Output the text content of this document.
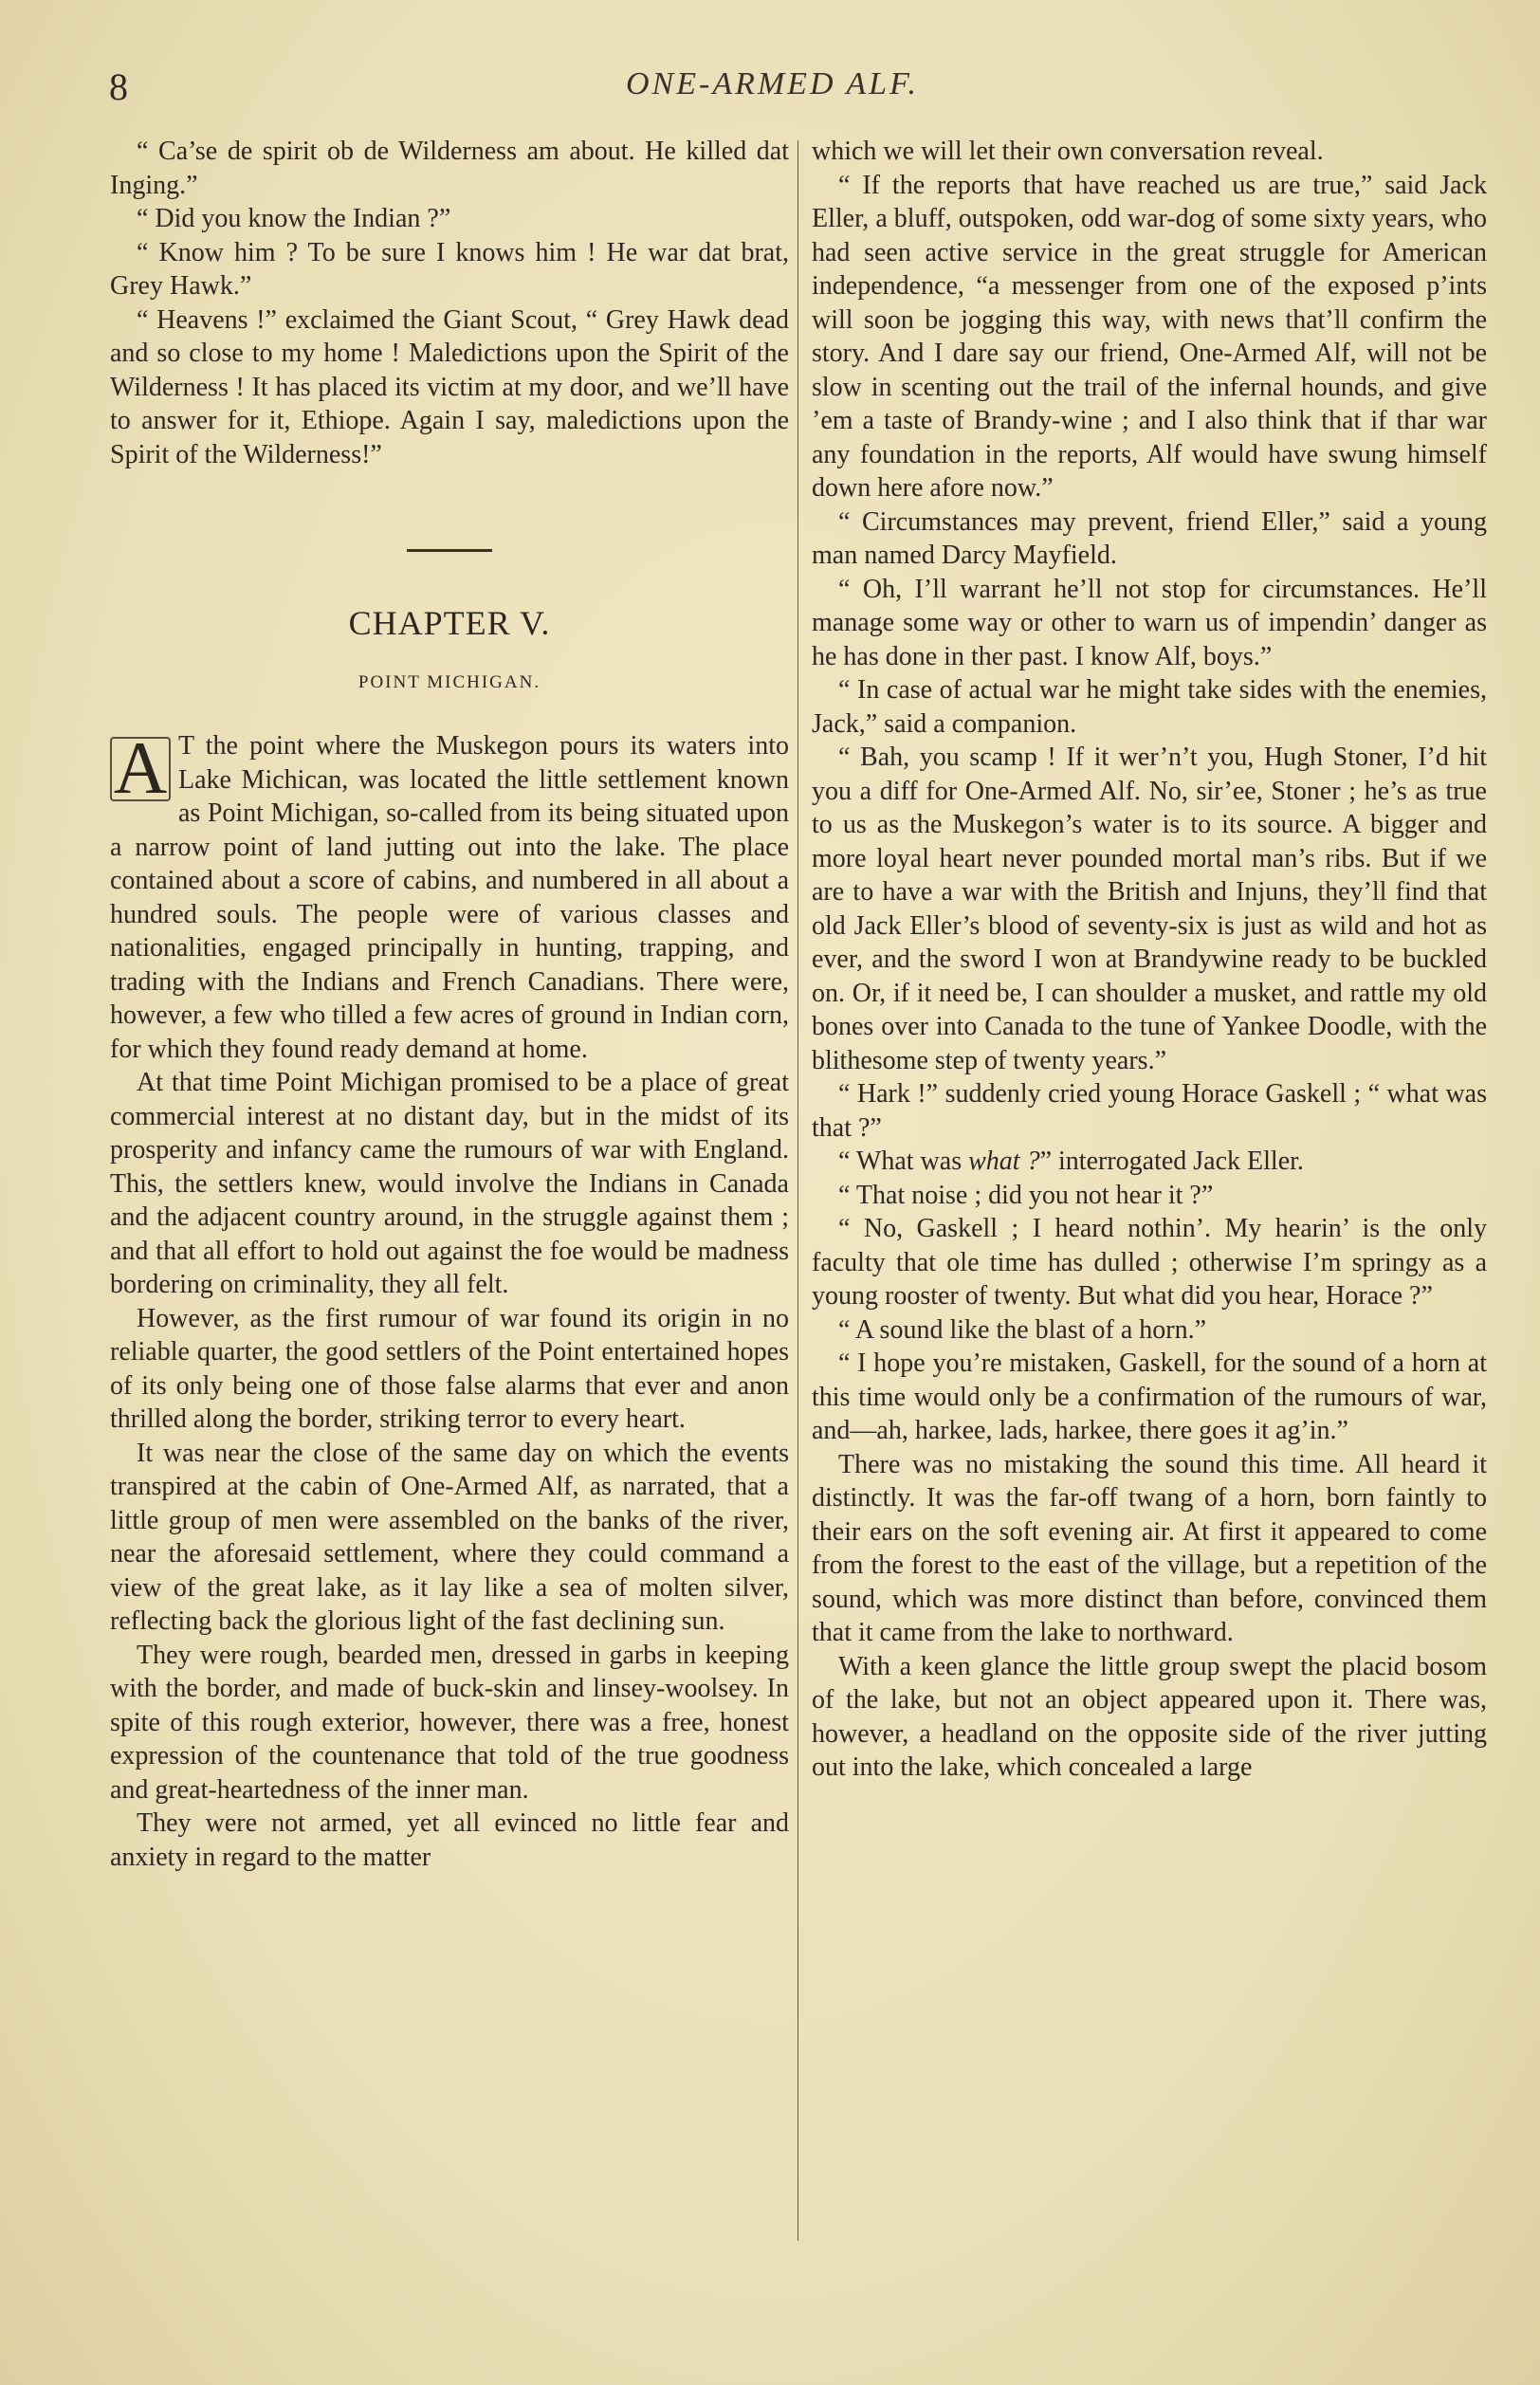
8	ONE-ARMED ALF.

“ Ca’se de spirit ob de Wilderness am about. He killed dat Inging.”

“ Did you know the Indian ?”

“ Know him ? To be sure I knows him ! He war dat brat, Grey Hawk.”

“ Heavens !” exclaimed the Giant Scout, “ Grey Hawk dead and so close to my home ! Maledictions upon the Spirit of the Wilderness ! It has placed its victim at my door, and we’ll have to answer for it, Ethiope. Again I say, maledictions upon the Spirit of the Wilderness!”

CHAPTER V.
POINT MICHIGAN.

A T the point where the Muskegon pours its waters into Lake Michican, was located the little settlement known as Point Michigan, so-called from its being situated upon a narrow point of land jutting out into the lake. The place contained about a score of cabins, and numbered in all about a hundred souls. The people were of various classes and nationalities, engaged principally in hunting, trapping, and trading with the Indians and French Canadians. There were, however, a few who tilled a few acres of ground in Indian corn, for which they found ready demand at home.

At that time Point Michigan promised to be a place of great commercial interest at no distant day, but in the midst of its prosperity and infancy came the rumours of war with England. This, the settlers knew, would involve the Indians in Canada and the adjacent country around, in the struggle against them ; and that all effort to hold out against the foe would be madness bordering on criminality, they all felt.

However, as the first rumour of war found its origin in no reliable quarter, the good settlers of the Point entertained hopes of its only being one of those false alarms that ever and anon thrilled along the border, striking terror to every heart.

It was near the close of the same day on which the events transpired at the cabin of One-Armed Alf, as narrated, that a little group of men were assembled on the banks of the river, near the aforesaid settlement, where they could command a view of the great lake, as it lay like a sea of molten silver, reflecting back the glorious light of the fast declining sun.

They were rough, bearded men, dressed in garbs in keeping with the border, and made of buck-skin and linsey-woolsey. In spite of this rough exterior, however, there was a free, honest expression of the countenance that told of the true goodness and great-heartedness of the inner man.

They were not armed, yet all evinced no little fear and anxiety in regard to the matter

which we will let their own conversation reveal.

“ If the reports that have reached us are true,” said Jack Eller, a bluff, outspoken, odd war-dog of some sixty years, who had seen active service in the great struggle for American independence, “a messenger from one of the exposed p’ints will soon be jogging this way, with news that’ll confirm the story. And I dare say our friend, One-Armed Alf, will not be slow in scenting out the trail of the infernal hounds, and give ’em a taste of Brandy-wine ; and I also think that if thar war any foundation in the reports, Alf would have swung himself down here afore now.”

“ Circumstances may prevent, friend Eller,” said a young man named Darcy Mayfield.

“ Oh, I’ll warrant he’ll not stop for circumstances. He’ll manage some way or other to warn us of impendin’ danger as he has done in ther past. I know Alf, boys.”

“ In case of actual war he might take sides with the enemies, Jack,” said a companion.

“ Bah, you scamp ! If it wer’n’t you, Hugh Stoner, I’d hit you a diff for One-Armed Alf. No, sir’ee, Stoner ; he’s as true to us as the Muskegon’s water is to its source. A bigger and more loyal heart never pounded mortal man’s ribs. But if we are to have a war with the British and Injuns, they’ll find that old Jack Eller’s blood of seventy-six is just as wild and hot as ever, and the sword I won at Brandywine ready to be buckled on. Or, if it need be, I can shoulder a musket, and rattle my old bones over into Canada to the tune of Yankee Doodle, with the blithesome step of twenty years.”

“ Hark !” suddenly cried young Horace Gaskell ; “ what was that ?”

“ What was what ?” interrogated Jack Eller.

“ That noise ; did you not hear it ?”

“ No, Gaskell ; I heard nothin’. My hearin’ is the only faculty that ole time has dulled ; otherwise I’m springy as a young rooster of twenty. But what did you hear, Horace ?”

“ A sound like the blast of a horn.”

“ I hope you’re mistaken, Gaskell, for the sound of a horn at this time would only be a confirmation of the rumours of war, and—ah, harkee, lads, harkee, there goes it ag’in.”

There was no mistaking the sound this time. All heard it distinctly. It was the far-off twang of a horn, born faintly to their ears on the soft evening air. At first it appeared to come from the forest to the east of the village, but a repetition of the sound, which was more distinct than before, convinced them that it came from the lake to northward.

With a keen glance the little group swept the placid bosom of the lake, but not an object appeared upon it. There was, however, a headland on the opposite side of the river jutting out into the lake, which concealed a large
